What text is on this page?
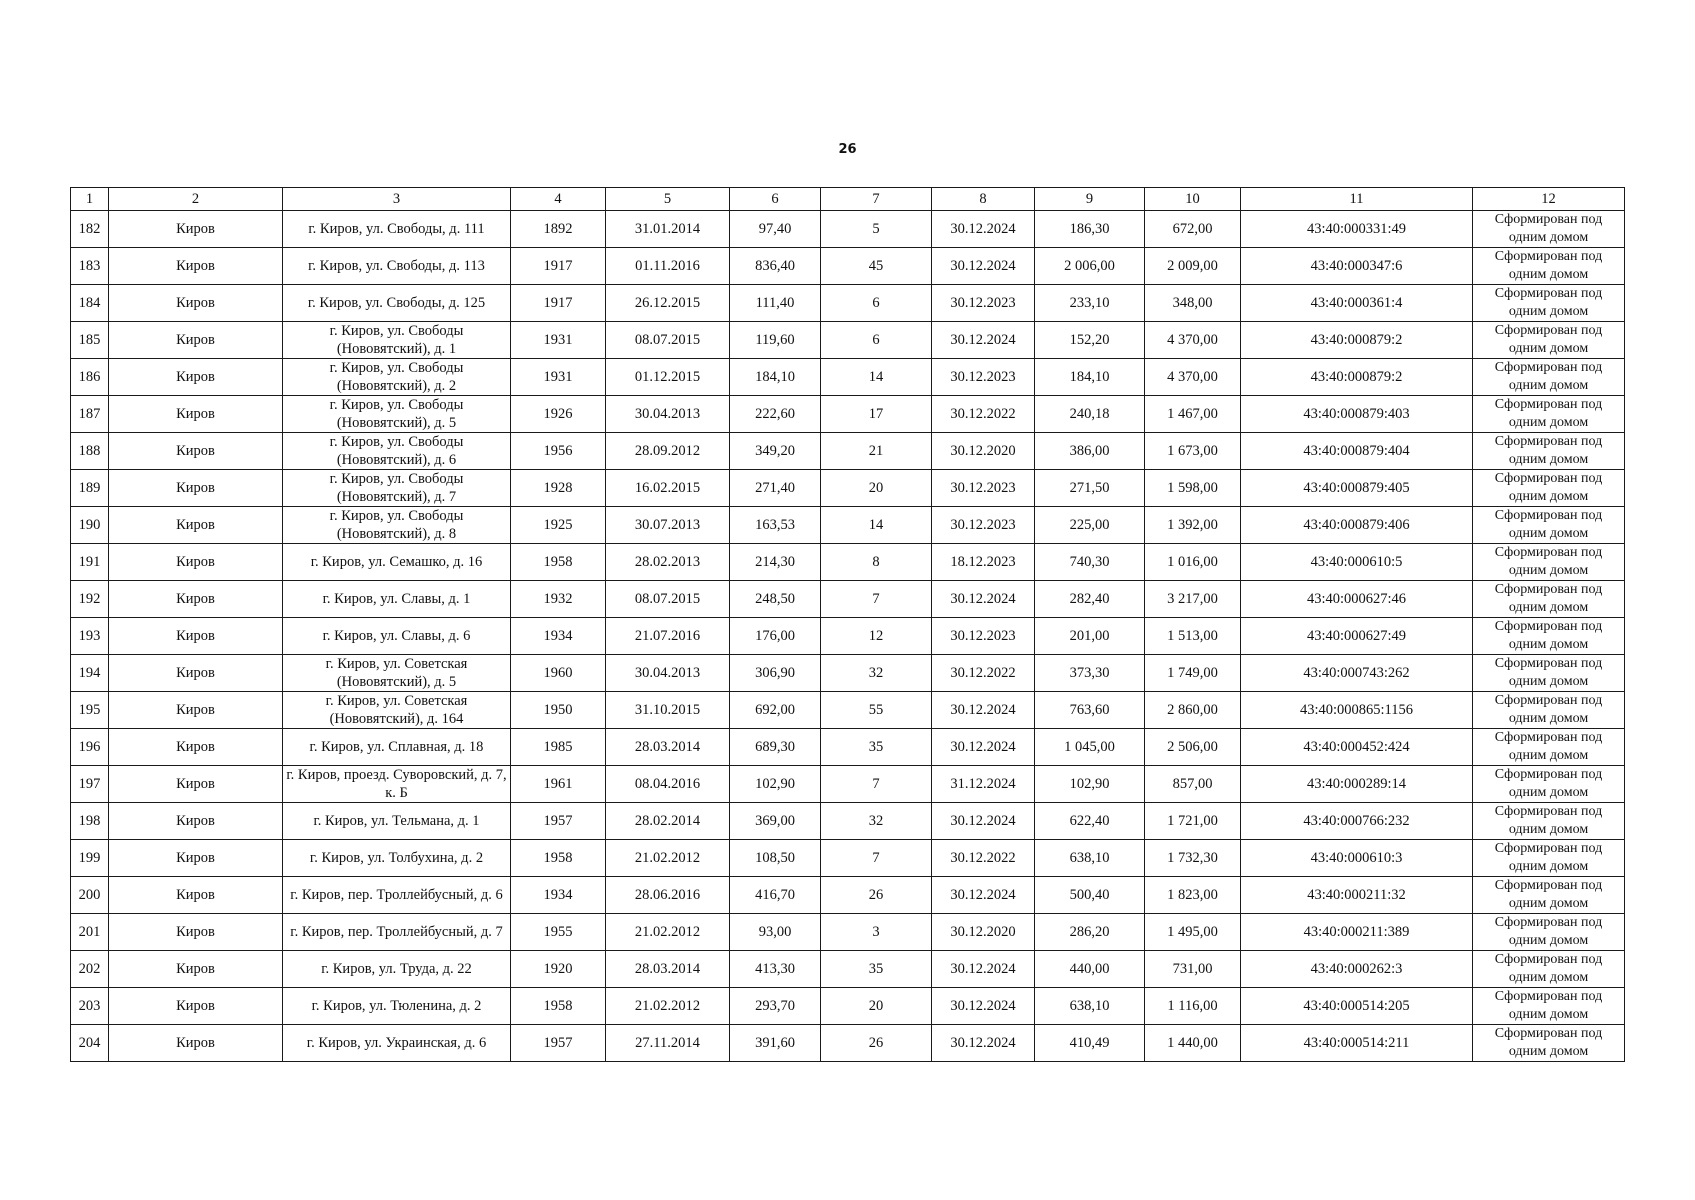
26
1	2	3	4	5	6	7	8	9	10	11	12
182	Киров	г. Киров, ул. Свободы, д. 111	1892	31.01.2014	97,40	5	30.12.2024	186,30	672,00	43:40:000331:49	Сформирован под одним домом
183	Киров	г. Киров, ул. Свободы, д. 113	1917	01.11.2016	836,40	45	30.12.2024	2 006,00	2 009,00	43:40:000347:6	Сформирован под одним домом
184	Киров	г. Киров, ул. Свободы, д. 125	1917	26.12.2015	111,40	6	30.12.2023	233,10	348,00	43:40:000361:4	Сформирован под одним домом
185	Киров	г. Киров, ул. Свободы (Нововятский), д. 1	1931	08.07.2015	119,60	6	30.12.2024	152,20	4 370,00	43:40:000879:2	Сформирован под одним домом
186	Киров	г. Киров, ул. Свободы (Нововятский), д. 2	1931	01.12.2015	184,10	14	30.12.2023	184,10	4 370,00	43:40:000879:2	Сформирован под одним домом
187	Киров	г. Киров, ул. Свободы (Нововятский), д. 5	1926	30.04.2013	222,60	17	30.12.2022	240,18	1 467,00	43:40:000879:403	Сформирован под одним домом
188	Киров	г. Киров, ул. Свободы (Нововятский), д. 6	1956	28.09.2012	349,20	21	30.12.2020	386,00	1 673,00	43:40:000879:404	Сформирован под одним домом
189	Киров	г. Киров, ул. Свободы (Нововятский), д. 7	1928	16.02.2015	271,40	20	30.12.2023	271,50	1 598,00	43:40:000879:405	Сформирован под одним домом
190	Киров	г. Киров, ул. Свободы (Нововятский), д. 8	1925	30.07.2013	163,53	14	30.12.2023	225,00	1 392,00	43:40:000879:406	Сформирован под одним домом
191	Киров	г. Киров, ул. Семашко, д. 16	1958	28.02.2013	214,30	8	18.12.2023	740,30	1 016,00	43:40:000610:5	Сформирован под одним домом
192	Киров	г. Киров, ул. Славы, д. 1	1932	08.07.2015	248,50	7	30.12.2024	282,40	3 217,00	43:40:000627:46	Сформирован под одним домом
193	Киров	г. Киров, ул. Славы, д. 6	1934	21.07.2016	176,00	12	30.12.2023	201,00	1 513,00	43:40:000627:49	Сформирован под одним домом
194	Киров	г. Киров, ул. Советская (Нововятский), д. 5	1960	30.04.2013	306,90	32	30.12.2022	373,30	1 749,00	43:40:000743:262	Сформирован под одним домом
195	Киров	г. Киров, ул. Советская (Нововятский), д. 164	1950	31.10.2015	692,00	55	30.12.2024	763,60	2 860,00	43:40:000865:1156	Сформирован под одним домом
196	Киров	г. Киров, ул. Сплавная, д. 18	1985	28.03.2014	689,30	35	30.12.2024	1 045,00	2 506,00	43:40:000452:424	Сформирован под одним домом
197	Киров	г. Киров, проезд. Суворовский, д. 7, к. Б	1961	08.04.2016	102,90	7	31.12.2024	102,90	857,00	43:40:000289:14	Сформирован под одним домом
198	Киров	г. Киров, ул. Тельмана, д. 1	1957	28.02.2014	369,00	32	30.12.2024	622,40	1 721,00	43:40:000766:232	Сформирован под одним домом
199	Киров	г. Киров, ул. Толбухина, д. 2	1958	21.02.2012	108,50	7	30.12.2022	638,10	1 732,30	43:40:000610:3	Сформирован под одним домом
200	Киров	г. Киров, пер. Троллейбусный, д. 6	1934	28.06.2016	416,70	26	30.12.2024	500,40	1 823,00	43:40:000211:32	Сформирован под одним домом
201	Киров	г. Киров, пер. Троллейбусный, д. 7	1955	21.02.2012	93,00	3	30.12.2020	286,20	1 495,00	43:40:000211:389	Сформирован под одним домом
202	Киров	г. Киров, ул. Труда, д. 22	1920	28.03.2014	413,30	35	30.12.2024	440,00	731,00	43:40:000262:3	Сформирован под одним домом
203	Киров	г. Киров, ул. Тюленина, д. 2	1958	21.02.2012	293,70	20	30.12.2024	638,10	1 116,00	43:40:000514:205	Сформирован под одним домом
204	Киров	г. Киров, ул. Украинская, д. 6	1957	27.11.2014	391,60	26	30.12.2024	410,49	1 440,00	43:40:000514:211	Сформирован под одним домом
